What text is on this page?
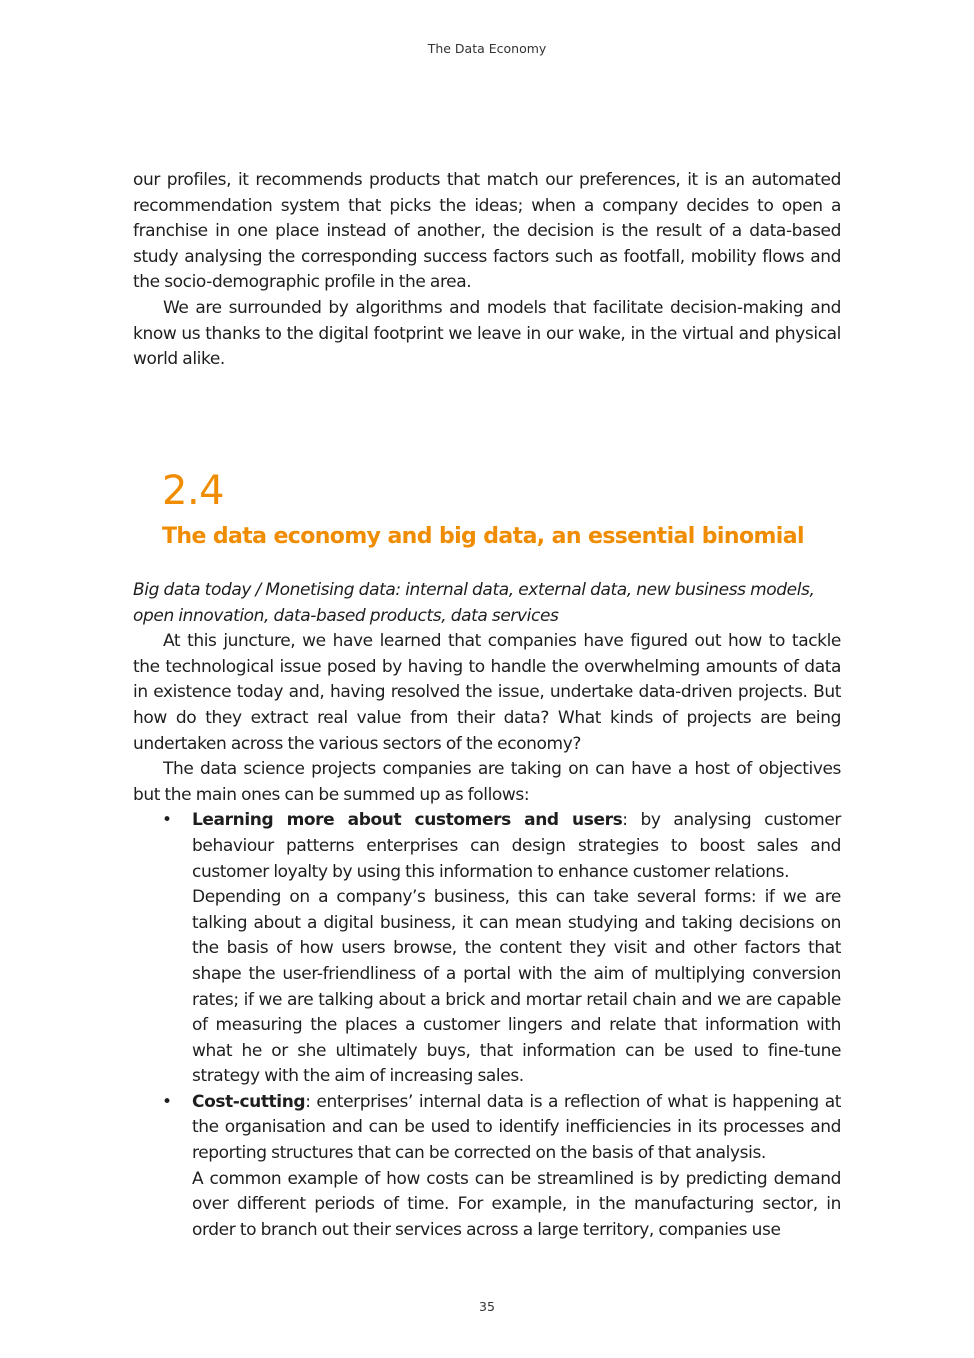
The Data Economy

our profiles, it recommends products that match our preferences, it is an automated recommendation system that picks the ideas; when a company decides to open a franchise in one place instead of another, the decision is the result of a data-based study analysing the corresponding success factors such as footfall, mobility flows and the socio-demographic profile in the area.

We are surrounded by algorithms and models that facilitate decision-making and know us thanks to the digital footprint we leave in our wake, in the virtual and physical world alike.

2.4
The data economy and big data, an essential binomial

Big data today / Monetising data: internal data, external data, new business models, open innovation, data-based products, data services

At this juncture, we have learned that companies have figured out how to tackle the technological issue posed by having to handle the overwhelming amounts of data in existence today and, having resolved the issue, undertake data-driven projects. But how do they extract real value from their data? What kinds of projects are being undertaken across the various sectors of the economy?

The data science projects companies are taking on can have a host of objectives but the main ones can be summed up as follows:

• Learning more about customers and users: by analysing customer behaviour patterns enterprises can design strategies to boost sales and customer loyalty by using this information to enhance customer relations.

Depending on a company’s business, this can take several forms: if we are talking about a digital business, it can mean studying and taking decisions on the basis of how users browse, the content they visit and other factors that shape the user-friendliness of a portal with the aim of multiplying conversion rates; if we are talking about a brick and mortar retail chain and we are capable of measuring the places a customer lingers and relate that information with what he or she ultimately buys, that information can be used to fine-tune strategy with the aim of increasing sales.

• Cost-cutting: enterprises’ internal data is a reflection of what is happening at the organisation and can be used to identify inefficiencies in its processes and reporting structures that can be corrected on the basis of that analysis.

A common example of how costs can be streamlined is by predicting demand over different periods of time. For example, in the manufacturing sector, in order to branch out their services across a large territory, companies use

35
